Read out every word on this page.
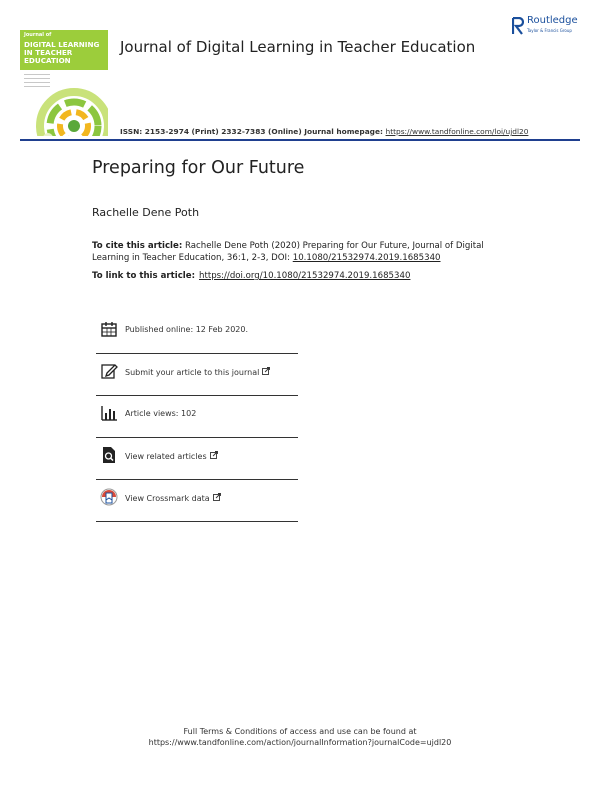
Journal of
DIGITAL LEARNING IN TEACHER EDUCATION
Journal of Digital Learning in Teacher Education
Routledge
Taylor & Francis Group
ISSN: 2153-2974 (Print) 2332-7383 (Online) Journal homepage: https://www.tandfonline.com/loi/ujdl20
Preparing for Our Future
Rachelle Dene Poth
To cite this article: Rachelle Dene Poth (2020) Preparing for Our Future, Journal of Digital Learning in Teacher Education, 36:1, 2-3, DOI: 10.1080/21532974.2019.1685340
To link to this article: https://doi.org/10.1080/21532974.2019.1685340
Published online: 12 Feb 2020.
Submit your article to this journal
Article views: 102
View related articles
View Crossmark data
Full Terms & Conditions of access and use can be found at
https://www.tandfonline.com/action/journalInformation?journalCode=ujdl20
